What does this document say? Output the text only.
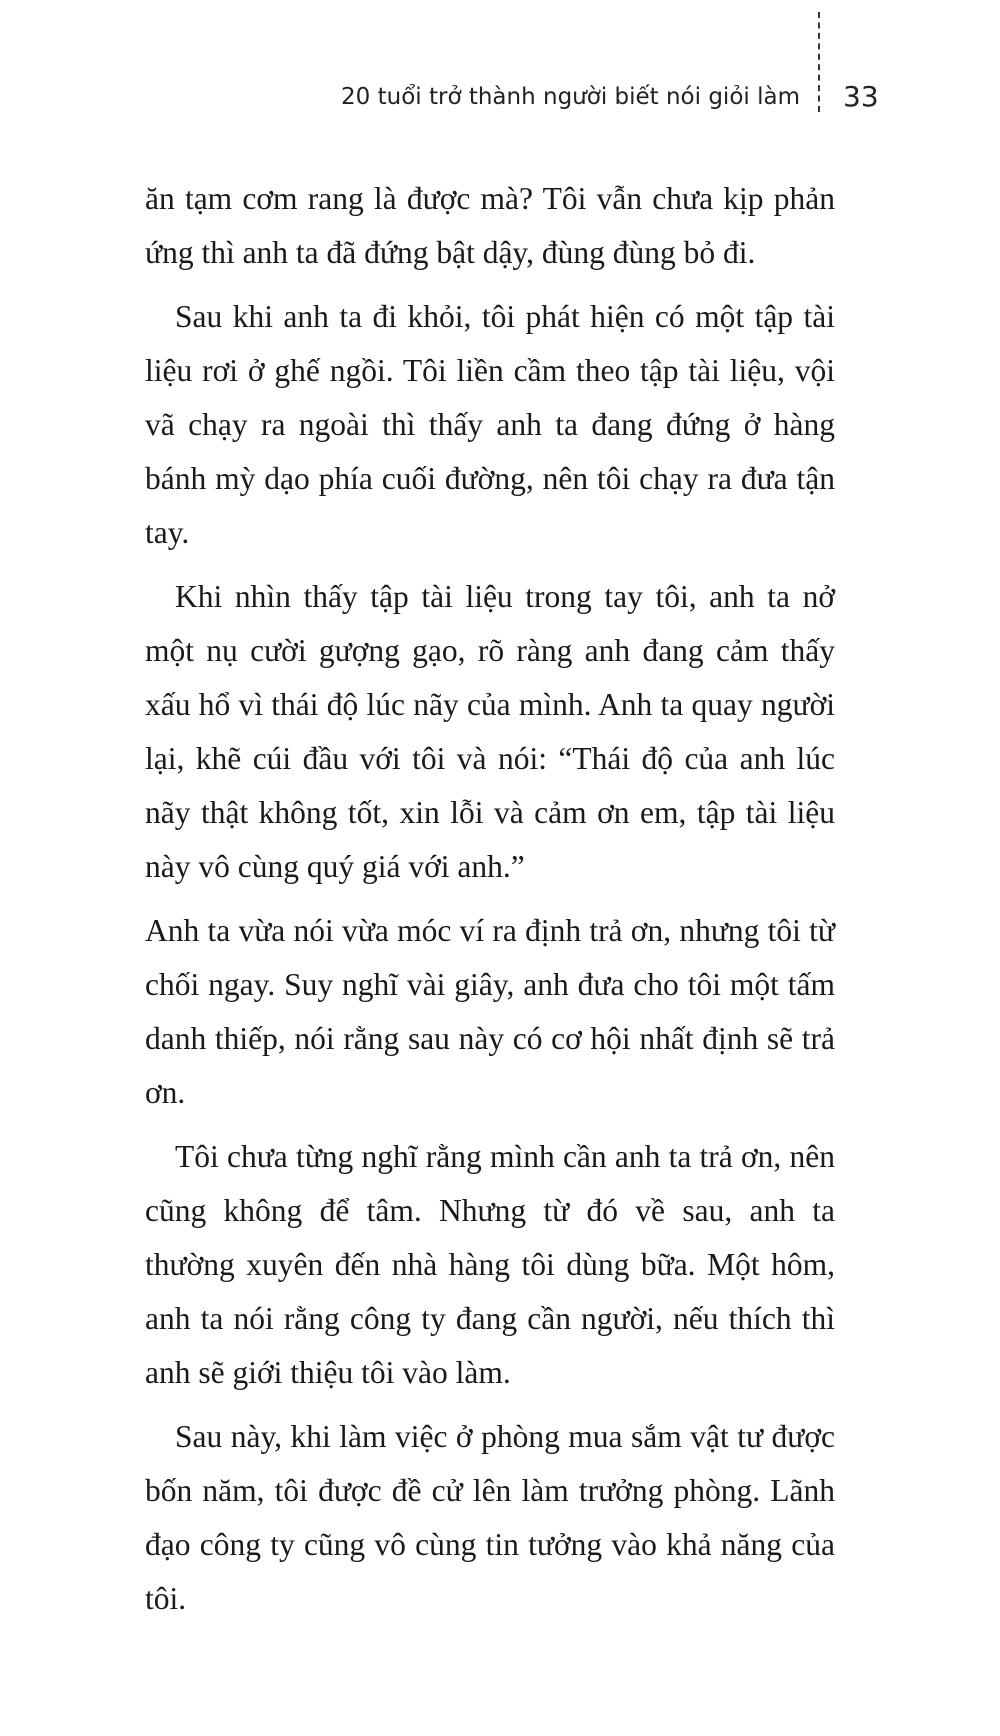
20 tuổi trở thành người biết nói giỏi làm 33

ăn tạm cơm rang là được mà? Tôi vẫn chưa kịp phản ứng thì anh ta đã đứng bật dậy, đùng đùng bỏ đi.

Sau khi anh ta đi khỏi, tôi phát hiện có một tập tài liệu rơi ở ghế ngồi. Tôi liền cầm theo tập tài liệu, vội vã chạy ra ngoài thì thấy anh ta đang đứng ở hàng bánh mỳ dạo phía cuối đường, nên tôi chạy ra đưa tận tay.

Khi nhìn thấy tập tài liệu trong tay tôi, anh ta nở một nụ cười gượng gạo, rõ ràng anh đang cảm thấy xấu hổ vì thái độ lúc nãy của mình. Anh ta quay người lại, khẽ cúi đầu với tôi và nói: “Thái độ của anh lúc nãy thật không tốt, xin lỗi và cảm ơn em, tập tài liệu này vô cùng quý giá với anh.”

Anh ta vừa nói vừa móc ví ra định trả ơn, nhưng tôi từ chối ngay. Suy nghĩ vài giây, anh đưa cho tôi một tấm danh thiếp, nói rằng sau này có cơ hội nhất định sẽ trả ơn.

Tôi chưa từng nghĩ rằng mình cần anh ta trả ơn, nên cũng không để tâm. Nhưng từ đó về sau, anh ta thường xuyên đến nhà hàng tôi dùng bữa. Một hôm, anh ta nói rằng công ty đang cần người, nếu thích thì anh sẽ giới thiệu tôi vào làm.

Sau này, khi làm việc ở phòng mua sắm vật tư được bốn năm, tôi được đề cử lên làm trưởng phòng. Lãnh đạo công ty cũng vô cùng tin tưởng vào khả năng của tôi.
